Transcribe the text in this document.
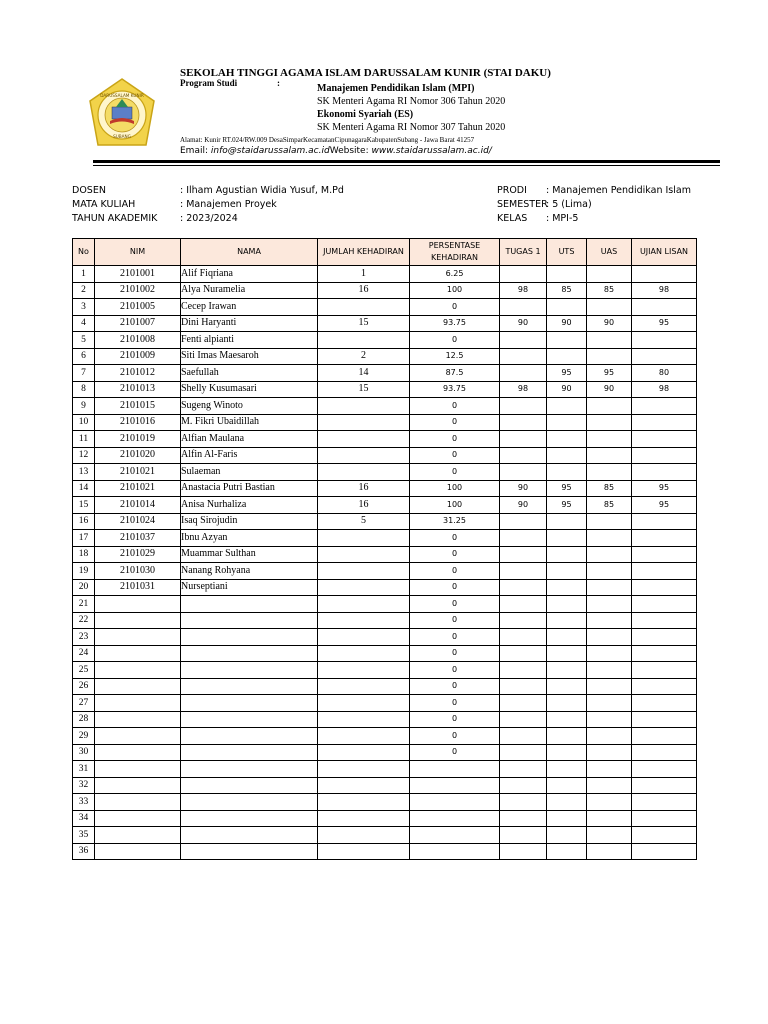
DARUSSALAM KUNIR
SUBANG
SEKOLAH TINGGI AGAMA ISLAM DARUSSALAM KUNIR (STAI DAKU)
Program Studi	:	Manajemen Pendidikan Islam (MPI)
SK Menteri Agama RI Nomor 306 Tahun 2020
Ekonomi Syariah (ES)
SK Menteri Agama RI Nomor 307 Tahun 2020
Alamat: Kunir RT.024/RW.009 DesaSimparKecamatanCipunagaraKabupatenSubang - Jawa Barat 41257
Email: info@staidarussalam.ac.idWebsite: www.staidarussalam.ac.id/
DOSEN	: Ilham Agustian Widia Yusuf, M.Pd
MATA KULIAH	: Manajemen Proyek
TAHUN AKADEMIK : 2023/2024
PRODI : Manajemen Pendidikan Islam
SEMESTER
: 5 (Lima)
KELAS : MPI-5
No	NIM	NAMA	JUMLAH KEHADIRAN	PERSENTASE KEHADIRAN	TUGAS 1	UTS	UAS	UJIAN LISAN
1	2101001	Alif Fiqriana	1	6.25				
2	2101002	Alya Nuramelia	16	100	98	85	85	98
3	2101005	Cecep Irawan		0				
4	2101007	Dini Haryanti	15	93.75	90	90	90	95
5	2101008	Fenti alpianti		0				
6	2101009	Siti Imas Maesaroh	2	12.5				
7	2101012	Saefullah	14	87.5		95	95	80
8	2101013	Shelly Kusumasari	15	93.75	98	90	90	98
9	2101015	Sugeng Winoto		0				
10	2101016	M. Fikri Ubaidillah		0				
11	2101019	Alfian Maulana		0				
12	2101020	Alfin Al-Faris		0				
13	2101021	Sulaeman		0				
14	2101021	Anastacia Putri Bastian	16	100	90	95	85	95
15	2101014	Anisa Nurhaliza	16	100	90	95	85	95
16	2101024	Isaq Sirojudin	5	31.25				
17	2101037	Ibnu Azyan		0				
18	2101029	Muammar Sulthan		0				
19	2101030	Nanang Rohyana		0				
20	2101031	Nurseptiani		0				
21				0				
22				0				
23				0				
24				0				
25				0				
26				0				
27				0				
28				0				
29				0				
30				0				
31								
32								
33								
34								
35								
36								
